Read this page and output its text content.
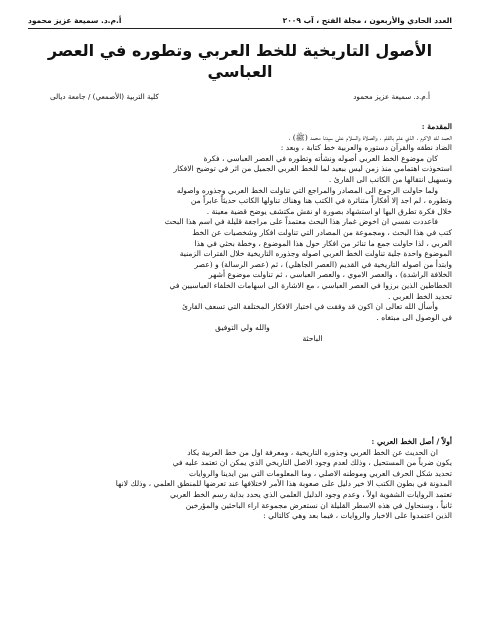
العدد الحادي والأربعون ، مجلة الفتح ، آب ٢٠٠٩
أ.م.د. سميعة عزيز محمود
الأصول التاريخية للخط العربي وتطوره في العصر العباسي
أ.م.د. سميعة عزيز محمود
كلية التربية (الأصمعي) / جامعة ديالى

المقدمة :

الحمد لله الاكرم ، الذي علم بالقلم ، والصلاة والسلام على سيدنا محمد (ﷺ) ،

الضاد نطقه والقرآن دستوره والعربية خط كتابة ، وبعد :

كان موضوع الخط العربي أصوله ونشأته وتطوره في العصر العباسي ، فكرة

استحوذت اهتمامي منذ زمن ليس ببعيد لما للخط العربي الجميل من اثر في توضيح الافكار

وتسهيل انتقالها من الكاتب الى القارئ .

ولما حاولت الرجوع الى المصادر والمراجع التي تناولت الخط العربي وجذوره واصوله

وتطوره ، لم اجد إلا أفكاراً متناثرة في الكتب هنا وهناك تناولها الكاتب حديثاً عابراً من

خلال فكرة تطرق اليها او استشهاد بصورة او نقش مكتشف يوضح قضية معينة .

فاعددت نفسي ان اخوض غمار هذا البحث معتمداً على مراجعة قليلة في اسم هذا البحث

كتب في هذا البحث ، ومجموعة من المصادر التي تناولت افكار وشخصيات عن الخط

العربي ، لذا حاولت جمع ما تناثر من افكار حول هذا الموضوع ، وخطة بحثي في هذا

الموضوع واحدة جلية تناولت الخط العربي اصوله وجذوره التاريخية خلال الفترات الزمنية

وابتدأ من اصوله التاريخية في القديم (العصر الجاهلي) ، ثم (عصر الرسالة) و (عصر

الخلافة الراشدة) ، والعصر الاموي ، والعصر العباسي ، ثم تناولت موضوع أشهر

الخطاطين الذين برزوا في العصر العباسي ، مع الاشارة الى اسهامات الخلفاء العباسيين في

تحديد الخط العربي .

وأسأل الله تعالى ان اكون قد وفقت في اختيار الافكار المختلفة التي تسعف القارئ

في الوصول الى مبتغاه .

والله ولي التوفيق

الباحثة

أولاً / أصل الخط العربي :

ان الحديث عن الخط العربي وجذوره التاريخية ، ومعرفة اول من خط العربية يكاد

يكون ضرباً من المستحيل ، وذلك لعدم وجود الاصل التاريخي الذي يمكن ان تعتمد عليه في

تحديد شكل الحرف العربي وموطنه الاصلي ، وما المعلومات التي بين ايدينا والروايات

المدونة في بطون الكتب الا خير دليل على صعوبة هذا الأمر لاختلافها عند تعرضها للمنطق العلمي ، وذلك لانها

تعتمد الروايات الشفوية اولاً ، وعدم وجود الدليل العلمي الذي يحدد بداية رسم الخط العربي

ثانياً ، وسنحاول في هذه الاسطر القليلة ان نستعرض مجموعة اراء الباحثين والمؤرخين

الذين اعتمدوا على الاخبار والروايات ، فيما بعد وهي كالتالي :
